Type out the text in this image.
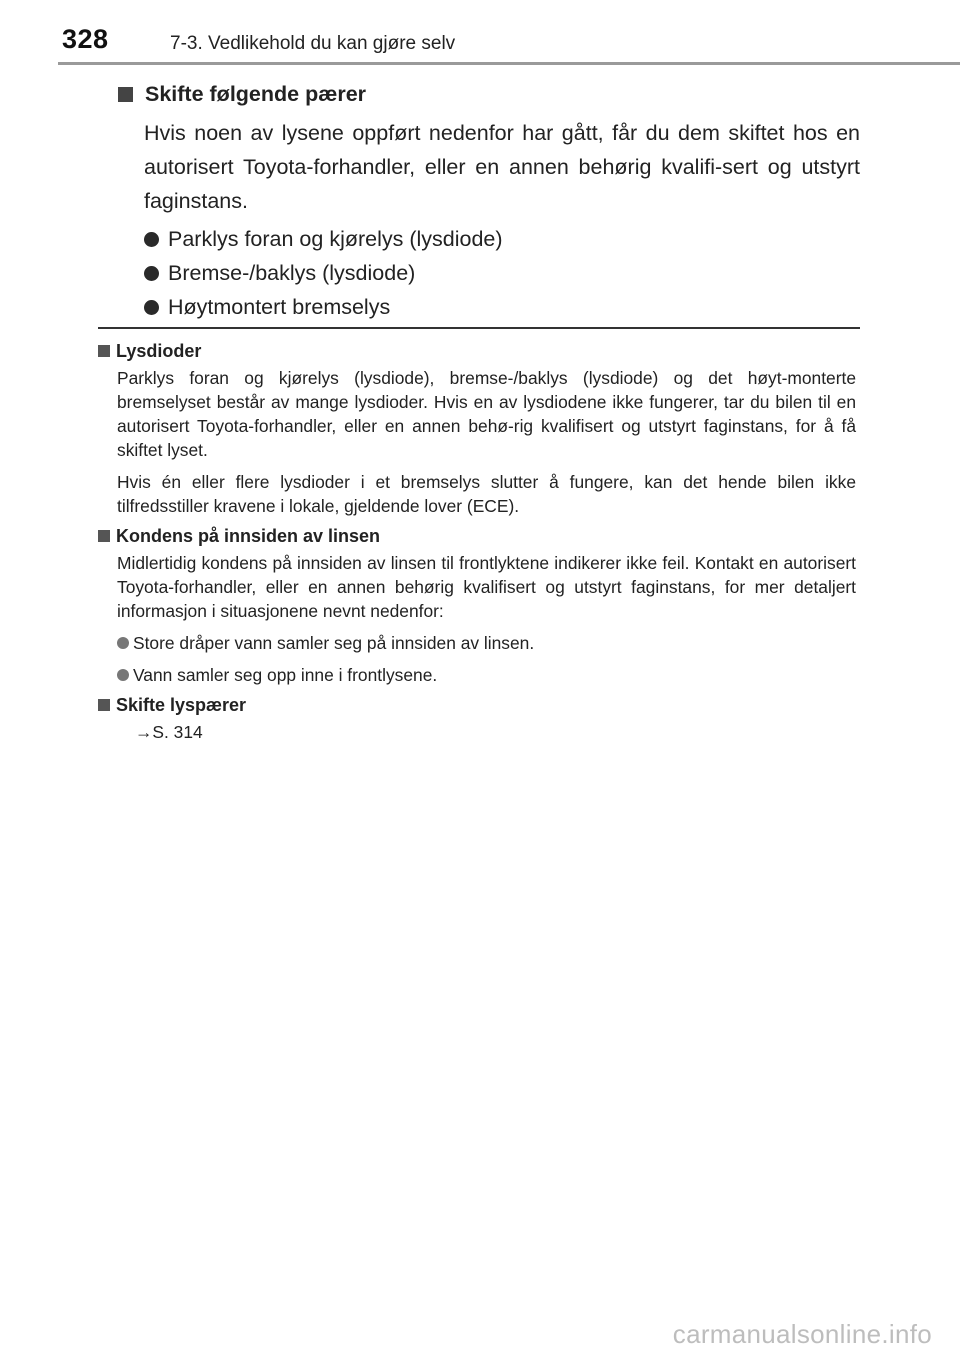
328	7-3. Vedlikehold du kan gjøre selv
Skifte følgende pærer

Hvis noen av lysene oppført nedenfor har gått, får du dem skiftet hos en autorisert Toyota-forhandler, eller en annen behørig kvalifi-sert og utstyrt faginstans.

Parklys foran og kjørelys (lysdiode)
Bremse-/baklys (lysdiode)
Høytmontert bremselys
Lysdioder

Parklys foran og kjørelys (lysdiode), bremse-/baklys (lysdiode) og det høyt-monterte bremselyset består av mange lysdioder. Hvis en av lysdiodene ikke fungerer, tar du bilen til en autorisert Toyota-forhandler, eller en annen behø-rig kvalifisert og utstyrt faginstans, for å få skiftet lyset.

Hvis én eller flere lysdioder i et bremselys slutter å fungere, kan det hende bilen ikke tilfredsstiller kravene i lokale, gjeldende lover (ECE).

Kondens på innsiden av linsen

Midlertidig kondens på innsiden av linsen til frontlyktene indikerer ikke feil. Kontakt en autorisert Toyota-forhandler, eller en annen behørig kvalifisert og utstyrt faginstans, for mer detaljert informasjon i situasjonene nevnt nedenfor:

Store dråper vann samler seg på innsiden av linsen.
Vann samler seg opp inne i frontlysene.
Skifte lyspærer
→S. 314
carmanualsonline.info
